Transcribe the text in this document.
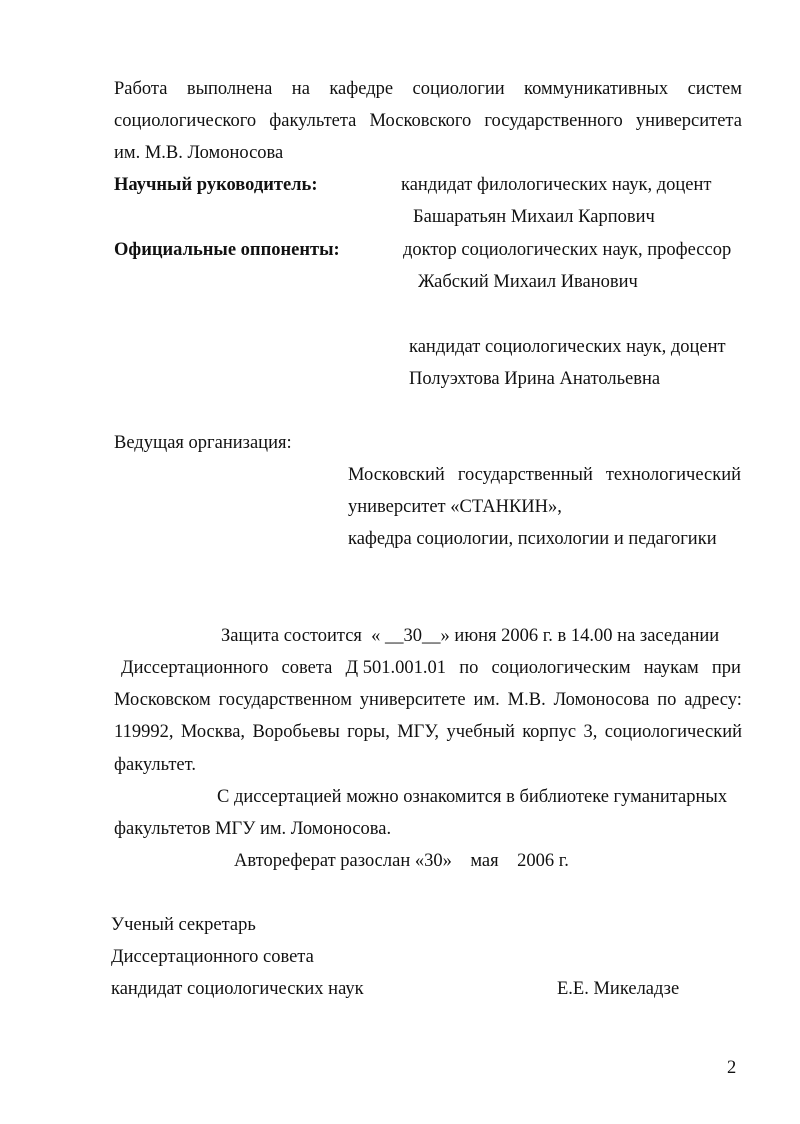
Работа выполнена на кафедре социологии коммуникативных систем
социологического факультета Московского государственного университета
им. М.В. Ломоносова
Научный руководитель:	кандидат филологических наук, доцент
Башаратьян Михаил Карпович
Официальные оппоненты:	доктор социологических наук, профессор
Жабский Михаил Иванович
кандидат социологических наук, доцент
Полуэхтова Ирина Анатольевна
Ведущая организация:
Московский государственный технологический
университет «СТАНКИН»,
кафедра социологии, психологии и педагогики
Защита состоится  « __30__» июня 2006 г. в 14.00 на заседании
Диссертационного совета Д 501.001.01 по социологическим наукам при
Московском государственном университете им. М.В. Ломоносова по адресу:
119992, Москва, Воробьевы горы, МГУ, учебный корпус 3, социологический
факультет.
С диссертацией можно ознакомится в библиотеке гуманитарных
факультетов МГУ им. Ломоносова.
Автореферат разослан «30»    мая    2006 г.
Ученый секретарь
Диссертационного совета
кандидат социологических наук	Е.Е. Микеладзе
2
